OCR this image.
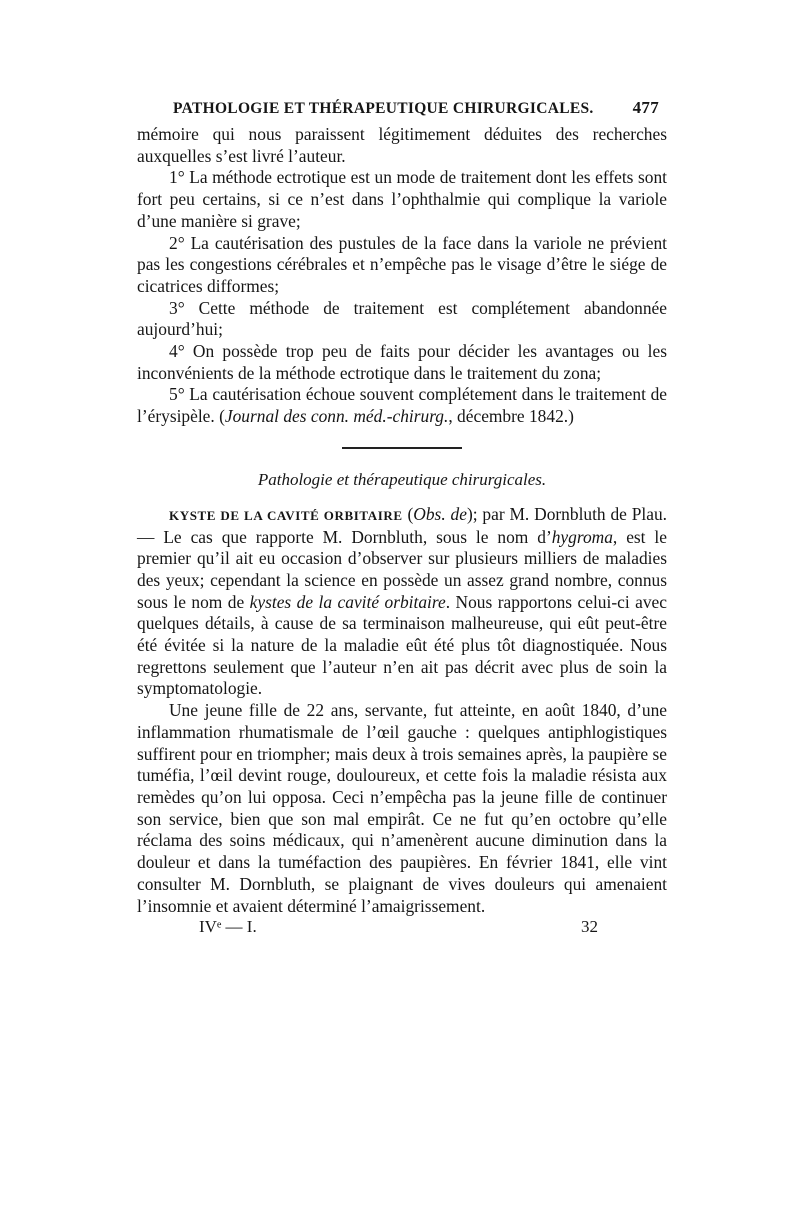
PATHOLOGIE ET THÉRAPEUTIQUE CHIRURGICALES. 477

mémoire qui nous paraissent légitimement déduites des recherches auxquelles s’est livré l’auteur.

1° La méthode ectrotique est un mode de traitement dont les effets sont fort peu certains, si ce n’est dans l’ophthalmie qui complique la variole d’une manière si grave;

2° La cautérisation des pustules de la face dans la variole ne prévient pas les congestions cérébrales et n’empêche pas le visage d’être le siége de cicatrices difformes;

3° Cette méthode de traitement est complétement abandonnée aujourd’hui;

4° On possède trop peu de faits pour décider les avantages ou les inconvénients de la méthode ectrotique dans le traitement du zona;

5° La cautérisation échoue souvent complétement dans le traitement de l’érysipèle. (Journal des conn. méd.-chirurg., décembre 1842.)

Pathologie et thérapeutique chirurgicales.

KYSTE DE LA CAVITÉ ORBITAIRE (Obs. de); par M. Dornbluth de Plau. — Le cas que rapporte M. Dornbluth, sous le nom d’hygroma, est le premier qu’il ait eu occasion d’observer sur plusieurs milliers de maladies des yeux; cependant la science en possède un assez grand nombre, connus sous le nom de kystes de la cavité orbitaire. Nous rapportons celui-ci avec quelques détails, à cause de sa terminaison malheureuse, qui eût peut-être été évitée si la nature de la maladie eût été plus tôt diagnostiquée. Nous regrettons seulement que l’auteur n’en ait pas décrit avec plus de soin la symptomatologie.

Une jeune fille de 22 ans, servante, fut atteinte, en août 1840, d’une inflammation rhumatismale de l’œil gauche : quelques antiphlogistiques suffirent pour en triompher; mais deux à trois semaines après, la paupière se tuméfia, l’œil devint rouge, douloureux, et cette fois la maladie résista aux remèdes qu’on lui opposa. Ceci n’empêcha pas la jeune fille de continuer son service, bien que son mal empirât. Ce ne fut qu’en octobre qu’elle réclama des soins médicaux, qui n’amenèrent aucune diminution dans la douleur et dans la tuméfaction des paupières. En février 1841, elle vint consulter M. Dornbluth, se plaignant de vives douleurs qui amenaient l’insomnie et avaient déterminé l’amaigrissement.

IVᵉ — I.	32
